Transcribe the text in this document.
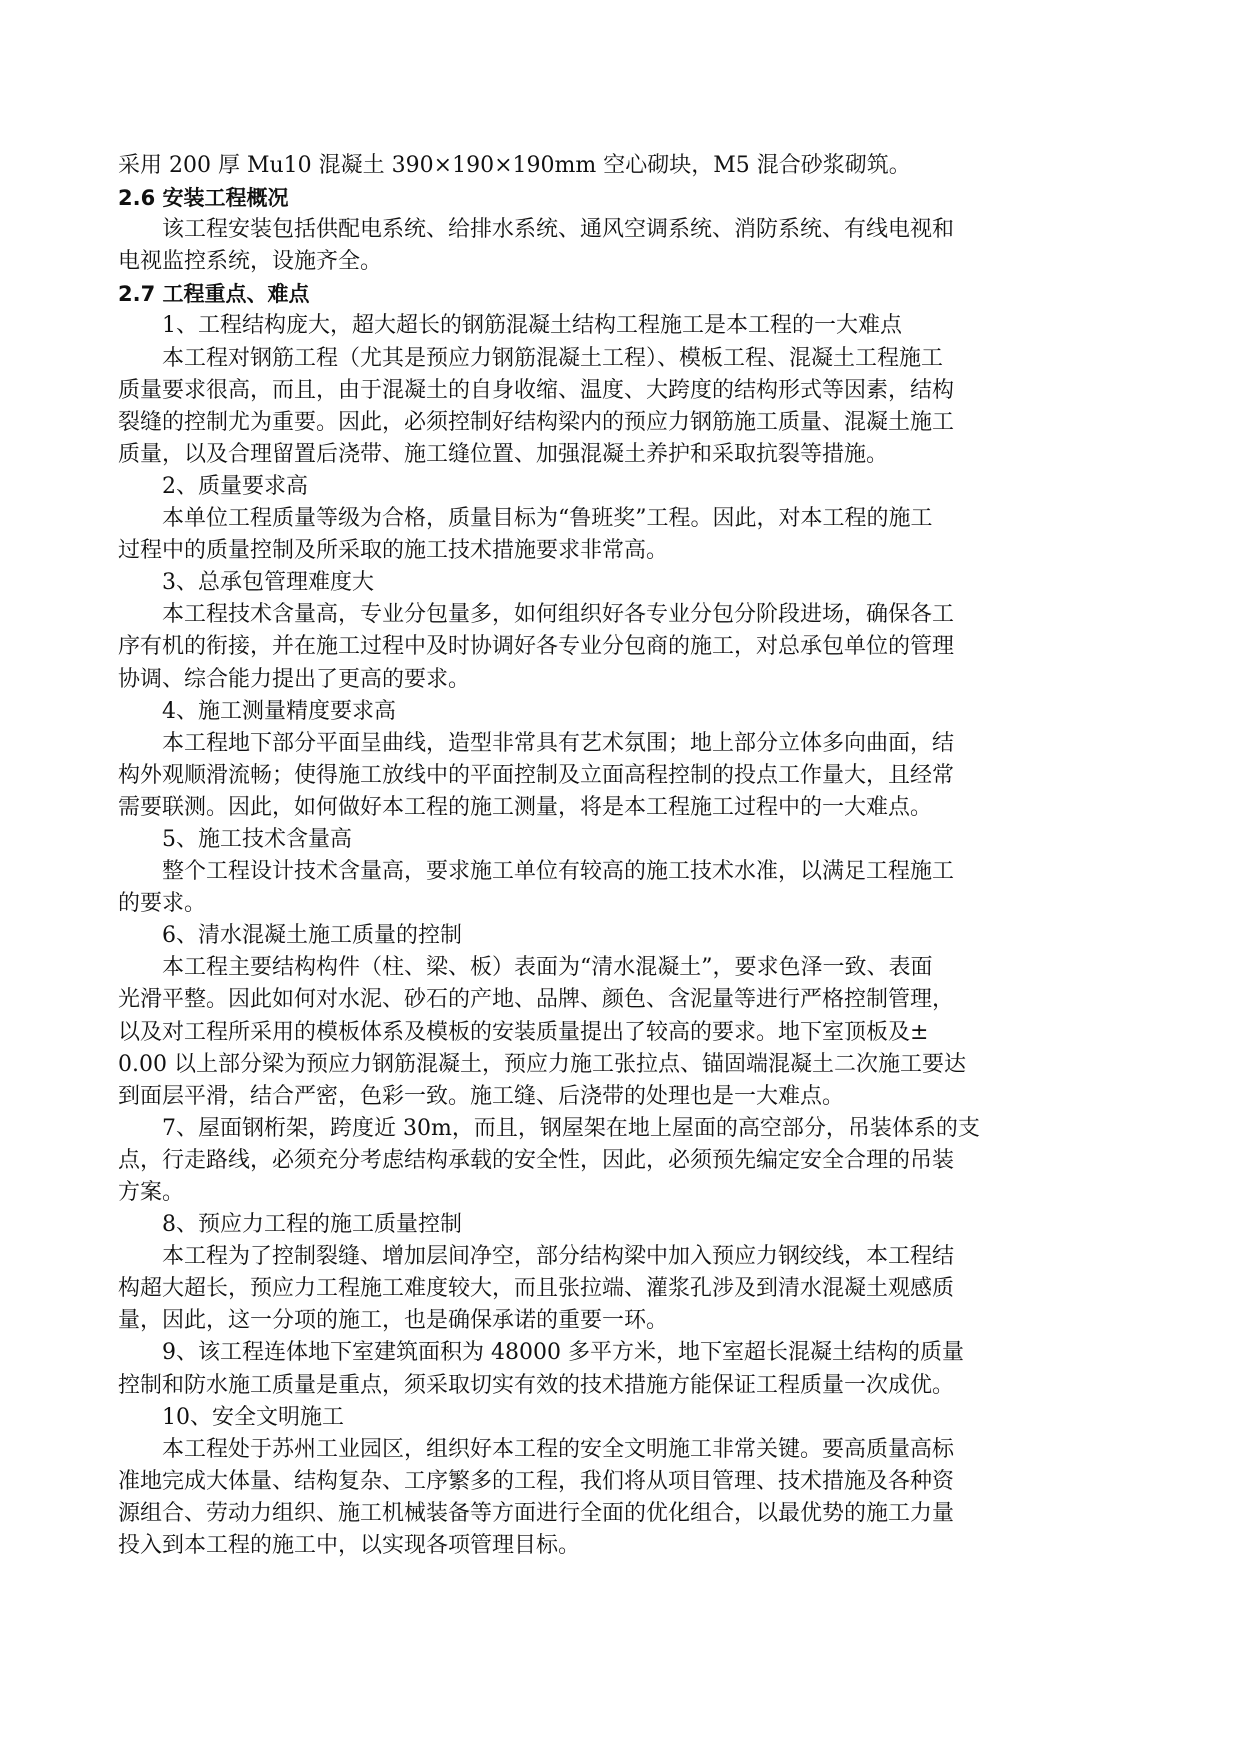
采用 200 厚 Mu10 混凝土 390×190×190mm 空心砌块，M5 混合砂浆砌筑。
2.6 安装工程概况
该工程安装包括供配电系统、给排水系统、通风空调系统、消防系统、有线电视和
电视监控系统，设施齐全。
2.7 工程重点、难点
1、工程结构庞大，超大超长的钢筋混凝土结构工程施工是本工程的一大难点
本工程对钢筋工程（尤其是预应力钢筋混凝土工程）、模板工程、混凝土工程施工
质量要求很高，而且，由于混凝土的自身收缩、温度、大跨度的结构形式等因素，结构
裂缝的控制尤为重要。因此，必须控制好结构梁内的预应力钢筋施工质量、混凝土施工
质量，以及合理留置后浇带、施工缝位置、加强混凝土养护和采取抗裂等措施。
2、质量要求高
本单位工程质量等级为合格，质量目标为“鲁班奖”工程。因此，对本工程的施工
过程中的质量控制及所采取的施工技术措施要求非常高。
3、总承包管理难度大
本工程技术含量高，专业分包量多，如何组织好各专业分包分阶段进场，确保各工
序有机的衔接，并在施工过程中及时协调好各专业分包商的施工，对总承包单位的管理
协调、综合能力提出了更高的要求。
4、施工测量精度要求高
本工程地下部分平面呈曲线，造型非常具有艺术氛围；地上部分立体多向曲面，结
构外观顺滑流畅；使得施工放线中的平面控制及立面高程控制的投点工作量大，且经常
需要联测。因此，如何做好本工程的施工测量，将是本工程施工过程中的一大难点。
5、施工技术含量高
整个工程设计技术含量高，要求施工单位有较高的施工技术水准，以满足工程施工
的要求。
6、清水混凝土施工质量的控制
本工程主要结构构件（柱、梁、板）表面为“清水混凝土”，要求色泽一致、表面
光滑平整。因此如何对水泥、砂石的产地、品牌、颜色、含泥量等进行严格控制管理，
以及对工程所采用的模板体系及模板的安装质量提出了较高的要求。地下室顶板及±
0.00 以上部分梁为预应力钢筋混凝土，预应力施工张拉点、锚固端混凝土二次施工要达
到面层平滑，结合严密，色彩一致。施工缝、后浇带的处理也是一大难点。
7、屋面钢桁架，跨度近 30m，而且，钢屋架在地上屋面的高空部分，吊装体系的支
点，行走路线，必须充分考虑结构承载的安全性，因此，必须预先编定安全合理的吊装
方案。
8、预应力工程的施工质量控制
本工程为了控制裂缝、增加层间净空，部分结构梁中加入预应力钢绞线，本工程结
构超大超长，预应力工程施工难度较大，而且张拉端、灌浆孔涉及到清水混凝土观感质
量，因此，这一分项的施工，也是确保承诺的重要一环。
9、该工程连体地下室建筑面积为 48000 多平方米，地下室超长混凝土结构的质量
控制和防水施工质量是重点，须采取切实有效的技术措施方能保证工程质量一次成优。
10、安全文明施工
本工程处于苏州工业园区，组织好本工程的安全文明施工非常关键。要高质量高标
准地完成大体量、结构复杂、工序繁多的工程，我们将从项目管理、技术措施及各种资
源组合、劳动力组织、施工机械装备等方面进行全面的优化组合，以最优势的施工力量
投入到本工程的施工中，以实现各项管理目标。
